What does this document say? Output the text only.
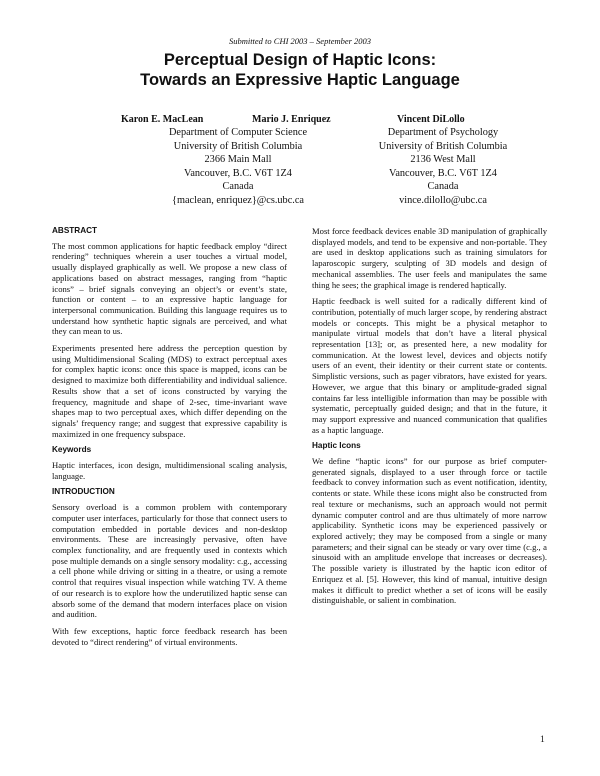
Submitted to CHI 2003 – September 2003
Perceptual Design of Haptic Icons:
Towards an Expressive Haptic Language
Karon E. MacLean	Mario J. Enriquez	Vincent DiLollo
Department of Computer Science
University of British Columbia
2366 Main Mall
Vancouver, B.C. V6T 1Z4
Canada
{maclean, enriquez}@cs.ubc.ca
Department of Psychology
University of British Columbia
2136 West Mall
Vancouver, B.C. V6T 1Z4
Canada
vince.dilollo@ubc.ca
ABSTRACT

The most common applications for haptic feedback employ “direct rendering” techniques wherein a user touches a virtual model, usually displayed graphically as well. We propose a new class of applications based on abstract messages, ranging from “haptic icons” – brief signals conveying an object’s or event’s state, function or content – to an expressive haptic language for interpersonal communication. Building this language requires us to understand how synthetic haptic signals are perceived, and what they can mean to us.

Experiments presented here address the perception question by using Multidimensional Scaling (MDS) to extract perceptual axes for complex haptic icons: once this space is mapped, icons can be designed to maximize both differentiability and individual salience. Results show that a set of icons constructed by varying the frequency, magnitude and shape of 2-sec, time-invariant wave shapes map to two perceptual axes, which differ depending on the signals’ frequency range; and suggest that expressive capability is maximized in one frequency subspace.

Keywords

Haptic interfaces, icon design, multidimensional scaling analysis, language.

INTRODUCTION

Sensory overload is a common problem with contemporary computer user interfaces, particularly for those that connect users to computation embedded in portable devices and non-desktop environments. These are increasingly pervasive, often have complex functionality, and are frequently used in contexts which pose multiple demands on a single sensory modality: c.g., accessing a cell phone while driving or sitting in a theatre, or using a remote control that requires visual inspection while watching TV. A theme of our research is to explore how the underutilized haptic sense can absorb some of the demand that modern interfaces place on vision and audition.

With few exceptions, haptic force feedback research has been devoted to “direct rendering” of virtual environments.

Most force feedback devices enable 3D manipulation of graphically displayed models, and tend to be expensive and non-portable. They are used in desktop applications such as training simulators for laparoscopic surgery, sculpting of 3D models and design of mechanical assemblies. The user feels and manipulates the same thing he sees; the graphical image is rendered haptically.

Haptic feedback is well suited for a radically different kind of contribution, potentially of much larger scope, by rendering abstract models or concepts. This might be a physical metaphor to manipulate virtual models that don’t have a literal physical representation [13]; or, as presented here, a new modality for communication. At the lowest level, devices and objects notify users of an event, their identity or their current state or contents. Simplistic versions, such as pager vibrators, have existed for years. However, we argue that this binary or amplitude-graded signal contains far less intelligible information than may be possible with systematic, perceptually guided design; and that in the future, it may support expressive and nuanced communication that qualifies as a haptic language.

Haptic Icons

We define “haptic icons” for our purpose as brief computer-generated signals, displayed to a user through force or tactile feedback to convey information such as event notification, identity, contents or state. While these icons might also be constructed from real texture or mechanisms, such an approach would not permit dynamic computer control and are thus ultimately of more narrow applicability. Synthetic icons may be experienced passively or explored actively; they may be composed from a single or many parameters; and their signal can be steady or vary over time (c.g., a sinusoid with an amplitude envelope that increases or decreases). The possible variety is illustrated by the haptic icon editor of Enriquez et al. [5]. However, this kind of manual, intuitive design makes it difficult to predict whether a set of icons will be easily distinguishable, or salient in combination.

1
